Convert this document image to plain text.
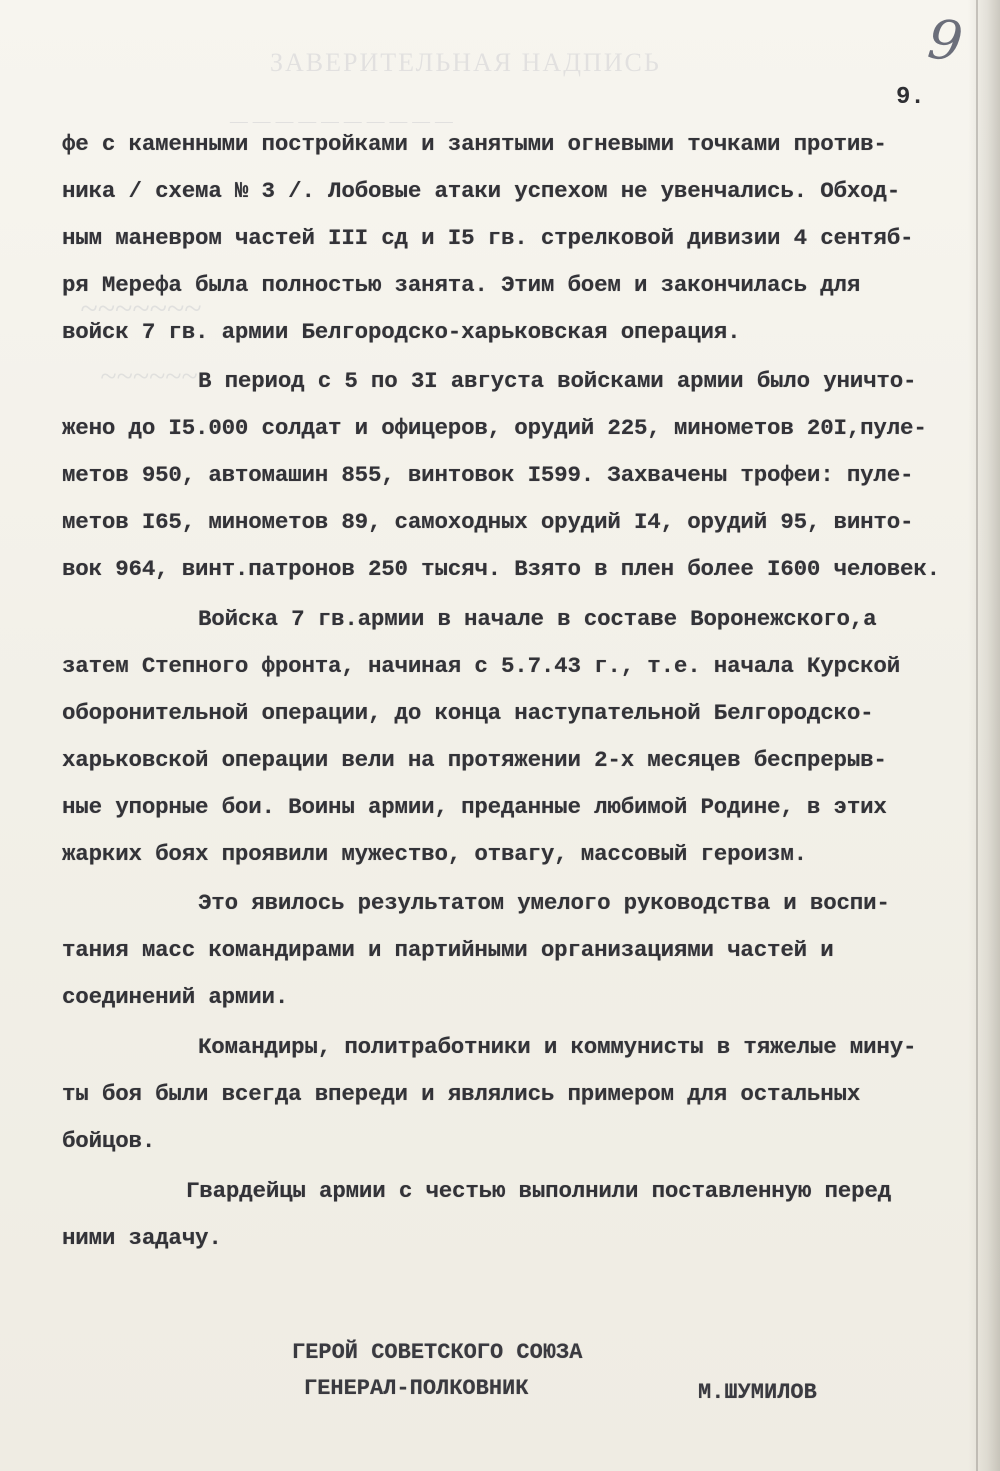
ЗАВЕРИТЕЛЬНАЯ НАДПИСЬ
— — — — — — — — — —
~~~~~~~
~~~~~~
9
9.
фе с каменными постройками и занятыми огневыми точками против-
ника / схема № 3 /. Лобовые атаки успехом не увенчались. Обход-
ным маневром частей III сд и I5 гв. стрелковой дивизии 4 сентяб-
ря Мерефа была полностью занята. Этим боем и закончилась для
войск 7 гв. армии Белгородско-харьковская операция.
В период с 5 по 3I августа войсками армии было уничто-
жено до I5.000 солдат и офицеров, орудий 225, минометов 20I,пуле-
метов 950, автомашин 855, винтовок I599. Захвачены трофеи: пуле-
метов I65, минометов 89, самоходных орудий I4, орудий 95, винто-
вок 964, винт.патронов 250 тысяч. Взято в плен более I600 человек.
Войска 7 гв.армии в начале в составе Воронежского,а
затем Степного фронта, начиная с 5.7.43 г., т.е. начала Курской
оборонительной операции, до конца наступательной Белгородско-
харьковской операции вели на протяжении 2-х месяцев беспрерыв-
ные упорные бои. Воины армии, преданные любимой Родине, в этих
жарких боях проявили мужество, отвагу, массовый героизм.
Это явилось результатом умелого руководства и воспи-
тания масс командирами и партийными организациями частей и
соединений армии.
Командиры, политработники и коммунисты в тяжелые мину-
ты боя были всегда впереди и являлись примером для остальных
бойцов.
Гвардейцы армии с честью выполнили поставленную перед
ними задачу.
ГЕРОЙ СОВЕТСКОГО СОЮЗА
ГЕНЕРАЛ-ПОЛКОВНИК	М.ШУМИЛОВ
